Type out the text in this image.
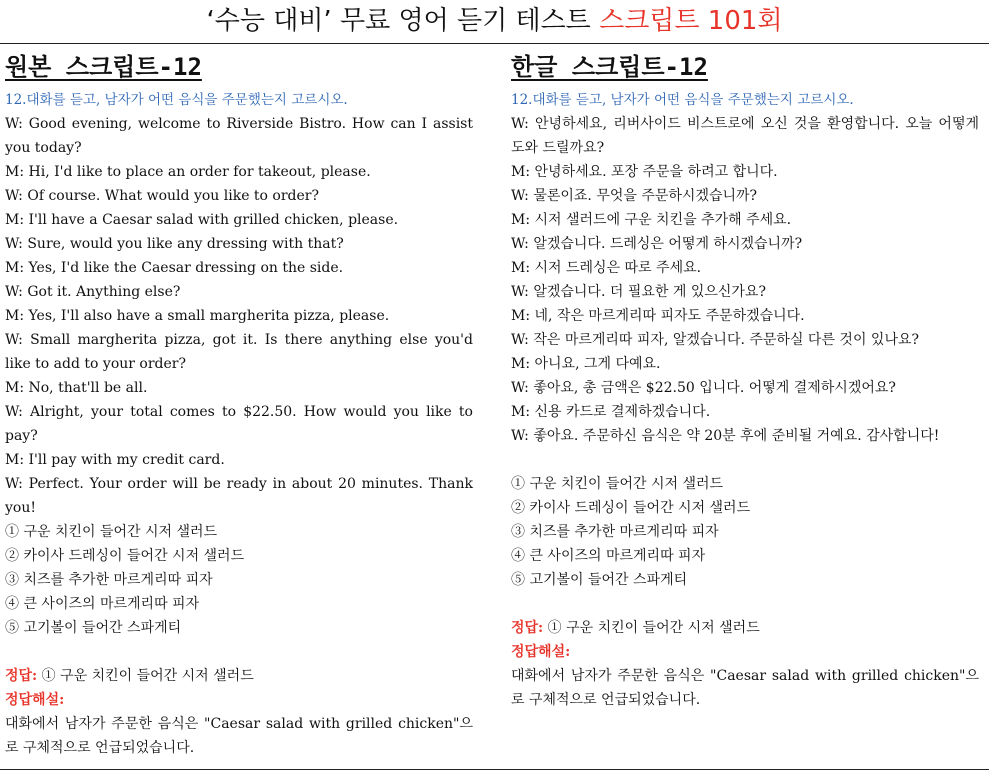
‘수능 대비’ 무료 영어 듣기 테스트 스크립트 101회
원본 스크립트-12
12.대화를 듣고, 남자가 어떤 음식을 주문했는지 고르시오.
W: Good evening, welcome to Riverside Bistro. How can I assist you today?
M: Hi, I'd like to place an order for takeout, please.
W: Of course. What would you like to order?
M: I'll have a Caesar salad with grilled chicken, please.
W: Sure, would you like any dressing with that?
M: Yes, I'd like the Caesar dressing on the side.
W: Got it. Anything else?
M: Yes, I'll also have a small margherita pizza, please.
W: Small margherita pizza, got it. Is there anything else you'd like to add to your order?
M: No, that'll be all.
W: Alright, your total comes to $22.50. How would you like to pay?
M: I'll pay with my credit card.
W: Perfect. Your order will be ready in about 20 minutes. Thank you!
① 구운 치킨이 들어간 시저 샐러드
② 카이사 드레싱이 들어간 시저 샐러드
③ 치즈를 추가한 마르게리따 피자
④ 큰 사이즈의 마르게리따 피자
⑤ 고기볼이 들어간 스파게티
정답: ① 구운 치킨이 들어간 시저 샐러드
정답해설:
대화에서 남자가 주문한 음식은 "Caesar salad with grilled chicken"으로 구체적으로 언급되었습니다.
한글 스크립트-12
12.대화를 듣고, 남자가 어떤 음식을 주문했는지 고르시오.
W: 안녕하세요, 리버사이드 비스트로에 오신 것을 환영합니다. 오늘 어떻게 도와 드릴까요?
M: 안녕하세요. 포장 주문을 하려고 합니다.
W: 물론이죠. 무엇을 주문하시겠습니까?
M: 시저 샐러드에 구운 치킨을 추가해 주세요.
W: 알겠습니다. 드레싱은 어떻게 하시겠습니까?
M: 시저 드레싱은 따로 주세요.
W: 알겠습니다. 더 필요한 게 있으신가요?
M: 네, 작은 마르게리따 피자도 주문하겠습니다.
W: 작은 마르게리따 피자, 알겠습니다. 주문하실 다른 것이 있나요?
M: 아니요, 그게 다예요.
W: 좋아요, 총 금액은 $22.50 입니다. 어떻게 결제하시겠어요?
M: 신용 카드로 결제하겠습니다.
W: 좋아요. 주문하신 음식은 약 20분 후에 준비될 거예요. 감사합니다!
① 구운 치킨이 들어간 시저 샐러드
② 카이사 드레싱이 들어간 시저 샐러드
③ 치즈를 추가한 마르게리따 피자
④ 큰 사이즈의 마르게리따 피자
⑤ 고기볼이 들어간 스파게티
정답: ① 구운 치킨이 들어간 시저 샐러드
정답해설:
대화에서 남자가 주문한 음식은 "Caesar salad with grilled chicken"으로 구체적으로 언급되었습니다.
